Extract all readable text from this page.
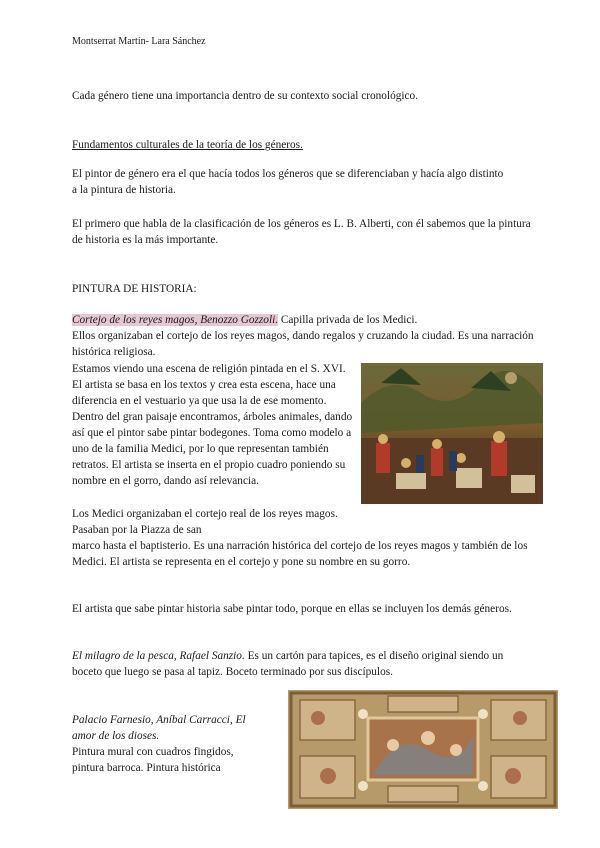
Montserrat Martín- Lara Sánchez
Cada género tiene una importancia dentro de su contexto social cronológico.
Fundamentos culturales de la teoría de los géneros.
El pintor de género era el que hacía todos los géneros que se diferenciaban y hacía algo distinto a la pintura de historia.
El primero que habla de la clasificación de los géneros es L. B. Alberti, con él sabemos que la pintura de historia es la más importante.
PINTURA DE HISTORIA:
Cortejo de los reyes magos, Benozzo Gozzoli. Capilla privada de los Medici.
Ellos organizaban el cortejo de los reyes magos, dando regalos y cruzando la ciudad. Es una narración histórica religiosa.
Estamos viendo una escena de religión pintada en el S. XVI. El artista se basa en los textos y crea esta escena, hace una diferencia en el vestuario ya que usa la de ese momento. Dentro del gran paisaje encontramos, árboles animales, dando así que el pintor sabe pintar bodegones. Toma como modelo a uno de la familia Medici, por lo que representan también retratos. El artista se inserta en el propio cuadro poniendo su nombre en el gorro, dando así relevancia.
Los Medici organizaban el cortejo real de los reyes magos. Pasaban por la Piazza de san
marco hasta el baptisterio. Es una narración histórica del cortejo de los reyes magos y también de los Medici. El artista se representa en el cortejo y pone su nombre en su gorro.
El artista que sabe pintar historia sabe pintar todo, porque en ellas se incluyen los demás géneros.
El milagro de la pesca, Rafael Sanzio. Es un cartón para tapices, es el diseño original siendo un boceto que luego se pasa al tapiz. Boceto terminado por sus discípulos.
Palacio Farnesio, Aníbal Carracci, El amor de los dioses.
Pintura mural con cuadros fingidos, pintura barroca. Pintura histórica
